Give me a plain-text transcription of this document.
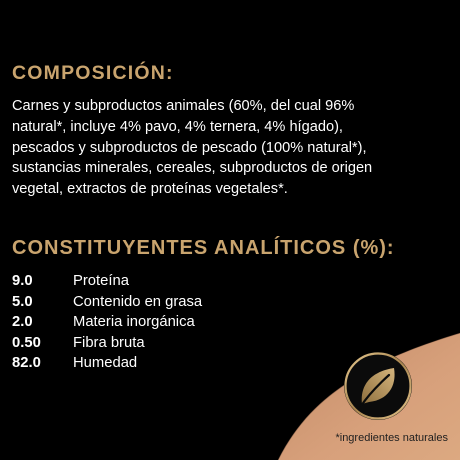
COMPOSICIÓN:

Carnes y subproductos animales (60%, del cual 96% natural*, incluye 4% pavo, 4% ternera, 4% hígado), pescados y subproductos de pescado (100% natural*), sustancias minerales, cereales, subproductos de origen vegetal, extractos de proteínas vegetales*.

CONSTITUYENTES ANALÍTICOS (%):
9.0	Proteína
5.0	Contenido en grasa
2.0	Materia inorgánica
0.50	Fibra bruta
82.0	Humedad

*ingredientes naturales
